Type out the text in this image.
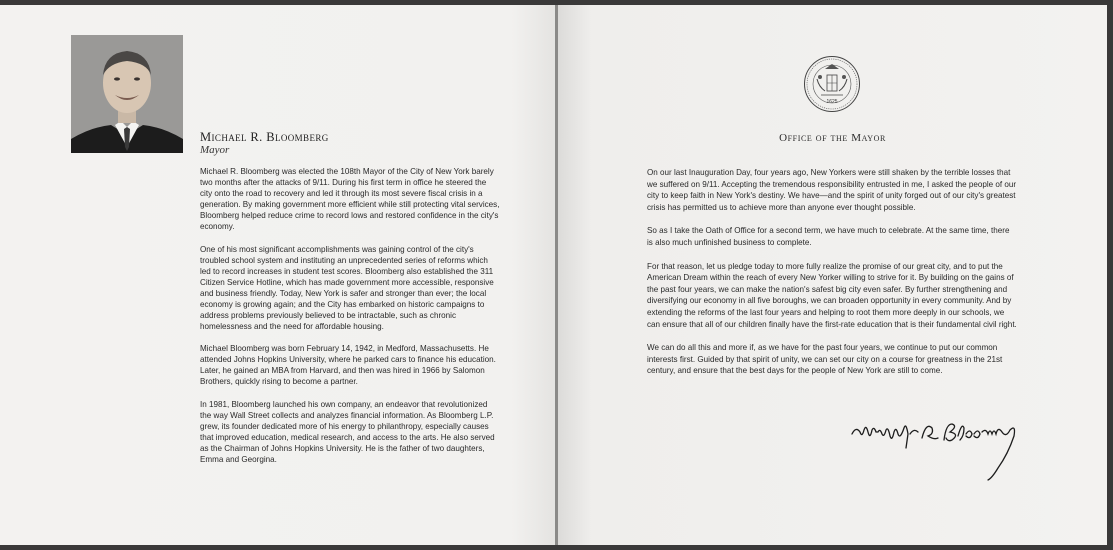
Michael R. Bloomberg
Mayor

Michael R. Bloomberg was elected the 108th Mayor of the City of New York barely two months after the attacks of 9/11. During his first term in office he steered the city onto the road to recovery and led it through its most severe fiscal crisis in a generation. By making government more efficient while still protecting vital services, Bloomberg helped reduce crime to record lows and restored confidence in the city's economy.

One of his most significant accomplishments was gaining control of the city's troubled school system and instituting an unprecedented series of reforms which led to record increases in student test scores. Bloomberg also established the 311 Citizen Service Hotline, which has made government more accessible, responsive and business friendly. Today, New York is safer and stronger than ever; the local economy is growing again; and the City has embarked on historic campaigns to address problems previously believed to be intractable, such as chronic homelessness and the need for affordable housing.

Michael Bloomberg was born February 14, 1942, in Medford, Massachusetts. He attended Johns Hopkins University, where he parked cars to finance his education. Later, he gained an MBA from Harvard, and then was hired in 1966 by Salomon Brothers, quickly rising to become a partner.

In 1981, Bloomberg launched his own company, an endeavor that revolutionized the way Wall Street collects and analyzes financial information. As Bloomberg L.P. grew, its founder dedicated more of his energy to philanthropy, especially causes that improved education, medical research, and access to the arts. He also served as the Chairman of Johns Hopkins University. He is the father of two daughters, Emma and Georgina.

1625
Office of the Mayor

On our last Inauguration Day, four years ago, New Yorkers were still shaken by the terrible losses that we suffered on 9/11. Accepting the tremendous responsibility entrusted in me, I asked the people of our city to keep faith in New York's destiny. We have—and the spirit of unity forged out of our city's greatest crisis has permitted us to achieve more than anyone ever thought possible.

So as I take the Oath of Office for a second term, we have much to celebrate. At the same time, there is also much unfinished business to complete.

For that reason, let us pledge today to more fully realize the promise of our great city, and to put the American Dream within the reach of every New Yorker willing to strive for it. By building on the gains of the past four years, we can make the nation's safest big city even safer. By further strengthening and diversifying our economy in all five boroughs, we can broaden opportunity in every community. And by extending the reforms of the last four years and helping to root them more deeply in our schools, we can ensure that all of our children finally have the first-rate education that is their fundamental civil right.

We can do all this and more if, as we have for the past four years, we continue to put our common interests first. Guided by that spirit of unity, we can set our city on a course for greatness in the 21st century, and ensure that the best days for the people of New York are still to come.
